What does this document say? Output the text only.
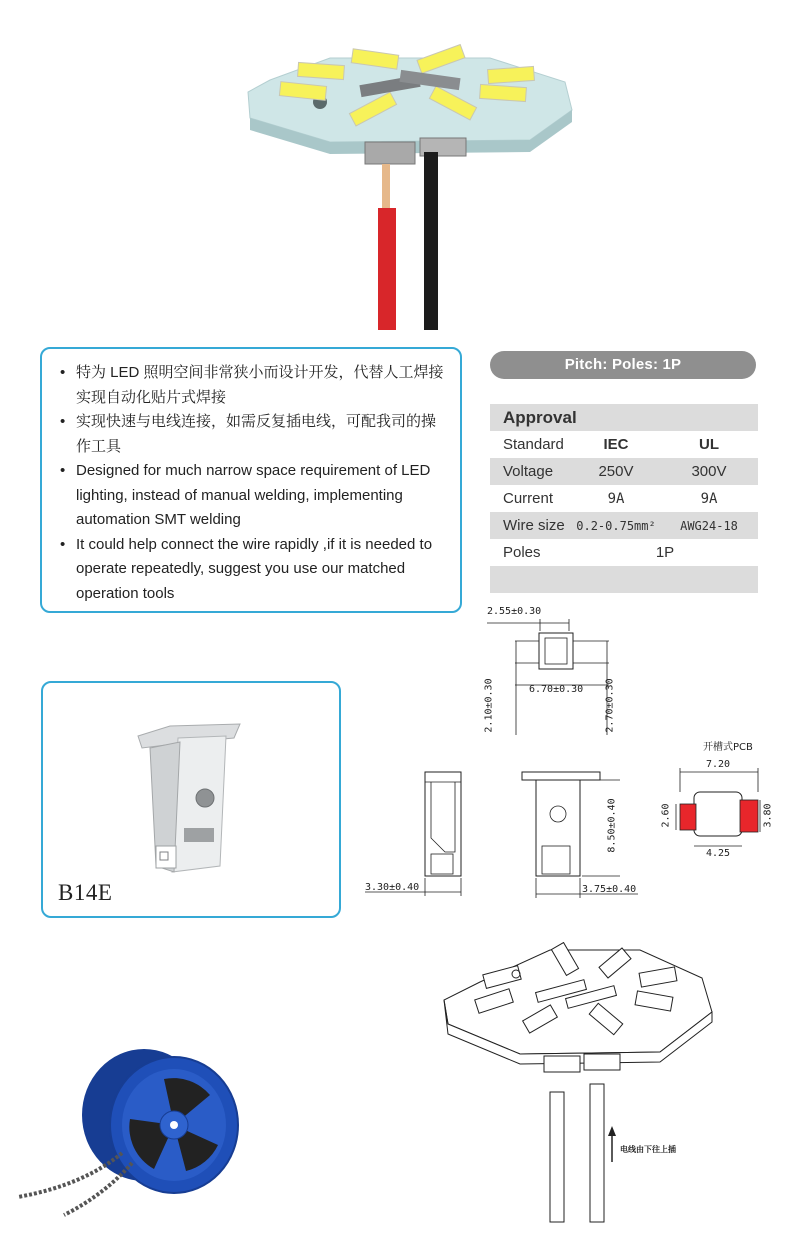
• 特为 LED 照明空间非常狭小而设计开发，代替人工焊接实现自动化贴片式焊接
• 实现快速与电线连接，如需反复插电线，可配我司的操作工具
• Designed for much narrow space requirement of LED lighting, instead of manual welding, implementing automation SMT welding
• It could help connect the wire rapidly ,if it is needed to operate repeatedly, suggest you use our matched operation tools
Pitch: Poles: 1P
Approval
Standard	IEC	UL
Voltage	250V	300V
Current	9A	9A
Wire size 0.2-0.75mm²	AWG24-18
Poles	1P
B14E
2.55±0.30
6.70±0.30
2.10±0.30	2.70±0.30
3.30±0.40
8.50±0.40
3.75±0.40
开槽式PCB
7.20
2.60	3.80
4.25
电线由下往上插
